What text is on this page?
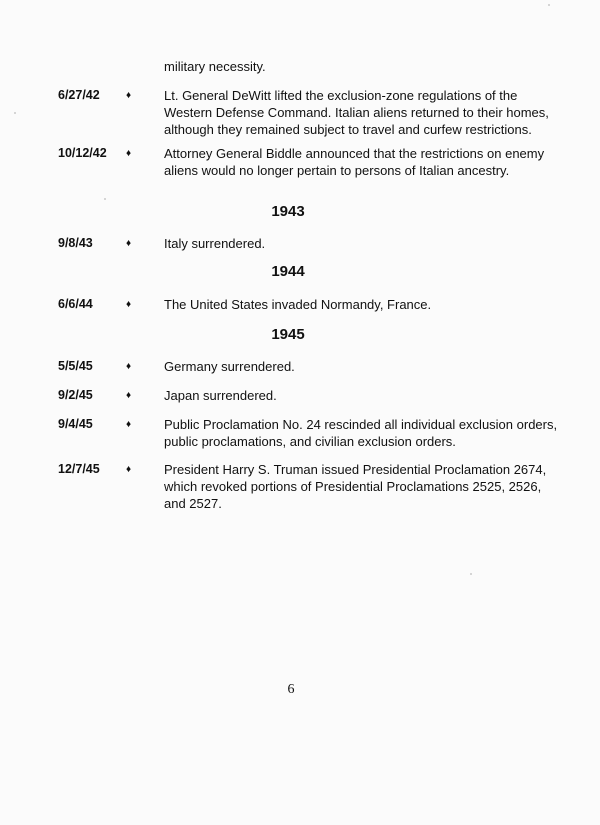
military necessity.
6/27/42	♦	Lt. General DeWitt lifted the exclusion-zone regulations of the
Western Defense Command. Italian aliens returned to their homes,
although they remained subject to travel and curfew restrictions.
10/12/42 ♦	Attorney General Biddle announced that the restrictions on enemy
aliens would no longer pertain to persons of Italian ancestry.
1943
9/8/43	♦	Italy surrendered.
1944
6/6/44	♦	The United States invaded Normandy, France.
1945
5/5/45	♦	Germany surrendered.
9/2/45	♦	Japan surrendered.
9/4/45	♦	Public Proclamation No. 24 rescinded all individual exclusion orders,
public proclamations, and civilian exclusion orders.
12/7/45	♦	President Harry S. Truman issued Presidential Proclamation 2674,
which revoked portions of Presidential Proclamations 2525, 2526,
and 2527.
6
